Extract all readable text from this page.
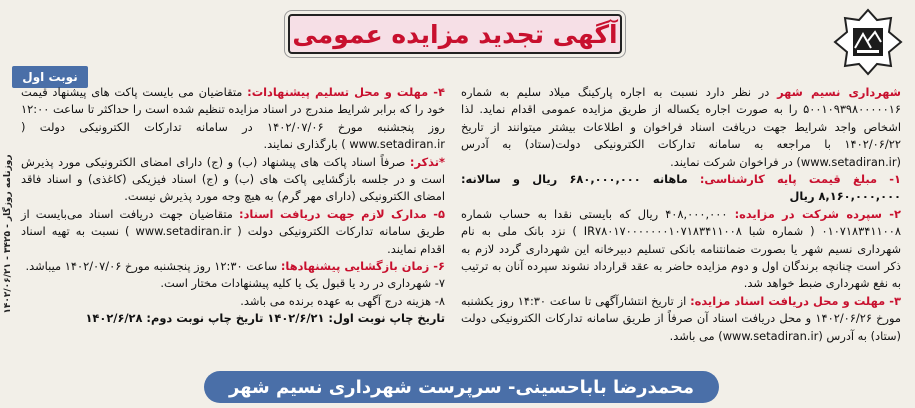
آگهی تجدید مزایده عمومی
نوبت اول
روزنامه روزگار - ۳۴۲۵ - ۱۴۰۲/۰۶/۲۱

شهرداری نسیم شهر در نظر دارد نسبت به اجاره پارکینگ میلاد سلیم به شماره ۵۰۰۱۰۹۳۹۸۰۰۰۰۰۱۶ را به صورت اجاره یکساله از طریق مزایده عمومی اقدام نماید. لذا اشخاص واجد شرایط جهت دریافت اسناد فراخوان و اطلاعات بیشتر میتوانند از تاریخ ۱۴۰۲/۰۶/۲۲ با مراجعه به سامانه تدارکات الکترونیکی دولت(ستاد) به آدرس (www.setadiran.ir) در فراخوان شرکت نمایند.

۱- مبلغ قیمت پایه کارشناسی: ماهانه ۶۸۰,۰۰۰,۰۰۰ ریال و سالانه: ۸,۱۶۰,۰۰۰,۰۰۰ ریال

۲- سپرده شرکت در مزایده: ۴۰۸,۰۰۰,۰۰۰ ریال که بایستی نقدا به حساب شماره ۰۱۰۷۱۸۳۴۱۱۰۰۸ ( شماره شبا IR۷۸۰۱۷۰۰۰۰۰۰۰۱۰۷۱۸۳۴۱۱۰۰۸ ) نزد بانک ملی به نام شهرداری نسیم شهر یا بصورت ضمانتنامه بانکی تسلیم دبیرخانه این شهرداری گردد لازم به ذکر است چنانچه برندگان اول و دوم مزایده حاضر به عقد قرارداد نشوند سپرده آنان به ترتیب به نفع شهرداری ضبط خواهد شد.

۳- مهلت و محل دریافت اسناد مزایده: از تاریخ انتشارآگهی تا ساعت ۱۴:۳۰ روز یکشنبه مورخ ۱۴۰۲/۰۶/۲۶ و محل دریافت اسناد آن صرفاً از طریق سامانه تدارکات الکترونیکی دولت (ستاد) به آدرس (www.setadiran.ir) می باشد.

۴- مهلت و محل تسلیم پیشنهادات: متقاضیان می بایست پاکت های پیشنهاد قیمت خود را که برابر شرایط مندرج در اسناد مزایده تنظیم شده است را حداکثر تا ساعت ۱۲:۰۰ روز پنجشنبه مورخ ۱۴۰۲/۰۷/۰۶ در سامانه تدارکات الکترونیکی دولت ( www.setadiran.ir ) بارگذاری نمایند.

*تذکر: صرفاً اسناد پاکت های پیشنهاد (ب) و (ج) دارای امضای الکترونیکی مورد پذیرش است و در جلسه بازگشایی پاکت های (ب) و (ج) اسناد فیزیکی (کاغذی) و اسناد فاقد امضای الکترونیکی (دارای مهر گرم) به هیچ وجه مورد پذیرش نیست.

۵- مدارک لازم جهت دریافت اسناد: متقاضیان جهت دریافت اسناد می‌بایست از طریق سامانه تدارکات الکترونیکی دولت ( www.setadiran.ir ) نسبت به تهیه اسناد اقدام نمایند.

۶- زمان بازگشایی پیشنهادها: ساعت ۱۲:۳۰ روز پنجشنبه مورخ ۱۴۰۲/۰۷/۰۶ میباشد.

۷- شهرداری در رد یا قبول یک یا کلیه پیشنهادات مختار است.

۸- هزینه درج آگهی به عهده برنده می باشد.

تاریخ چاپ نوبت اول: ۱۴۰۲/۶/۲۱ تاریخ چاپ نوبت دوم: ۱۴۰۲/۶/۲۸

محمدرضا باباحسینی- سرپرست شهرداری نسیم شهر
